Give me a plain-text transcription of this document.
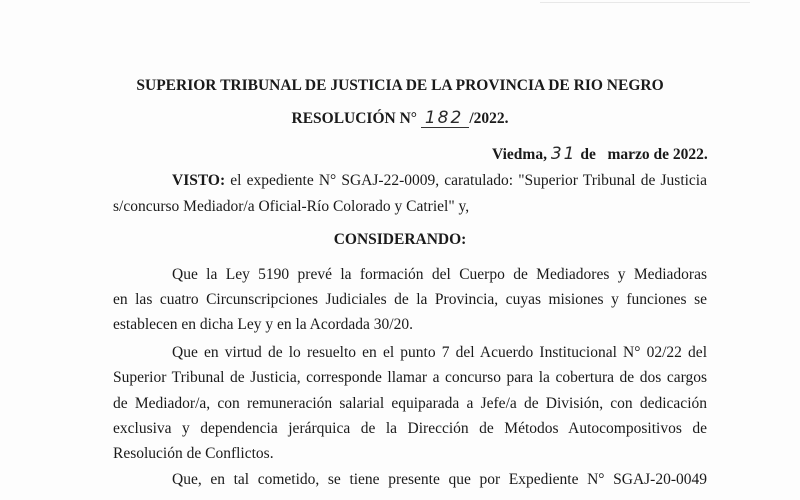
SUPERIOR TRIBUNAL DE JUSTICIA DE LA PROVINCIA DE RIO NEGRO
RESOLUCIÓN N° 182 /2022.
Viedma, 31 de   marzo de 2022.
VISTO: el expediente N° SGAJ-22-0009, caratulado: "Superior Tribunal de Justicia
s/concurso Mediador/a Oficial-Río Colorado y Catriel" y,
CONSIDERANDO:
Que la Ley 5190 prevé la formación del Cuerpo de Mediadores y Mediadoras
en las cuatro Circunscripciones Judiciales de la Provincia, cuyas misiones y funciones se
establecen en dicha Ley y en la Acordada 30/20.
Que en virtud de lo resuelto en el punto 7 del Acuerdo Institucional N° 02/22 del
Superior Tribunal de Justicia, corresponde llamar a concurso para la cobertura de dos cargos
de Mediador/a, con remuneración salarial equiparada a Jefe/a de División, con dedicación
exclusiva y dependencia jerárquica de la Dirección de Métodos Autocompositivos de
Resolución de Conflictos.
Que, en tal cometido, se tiene presente que por Expediente N° SGAJ-20-0049
